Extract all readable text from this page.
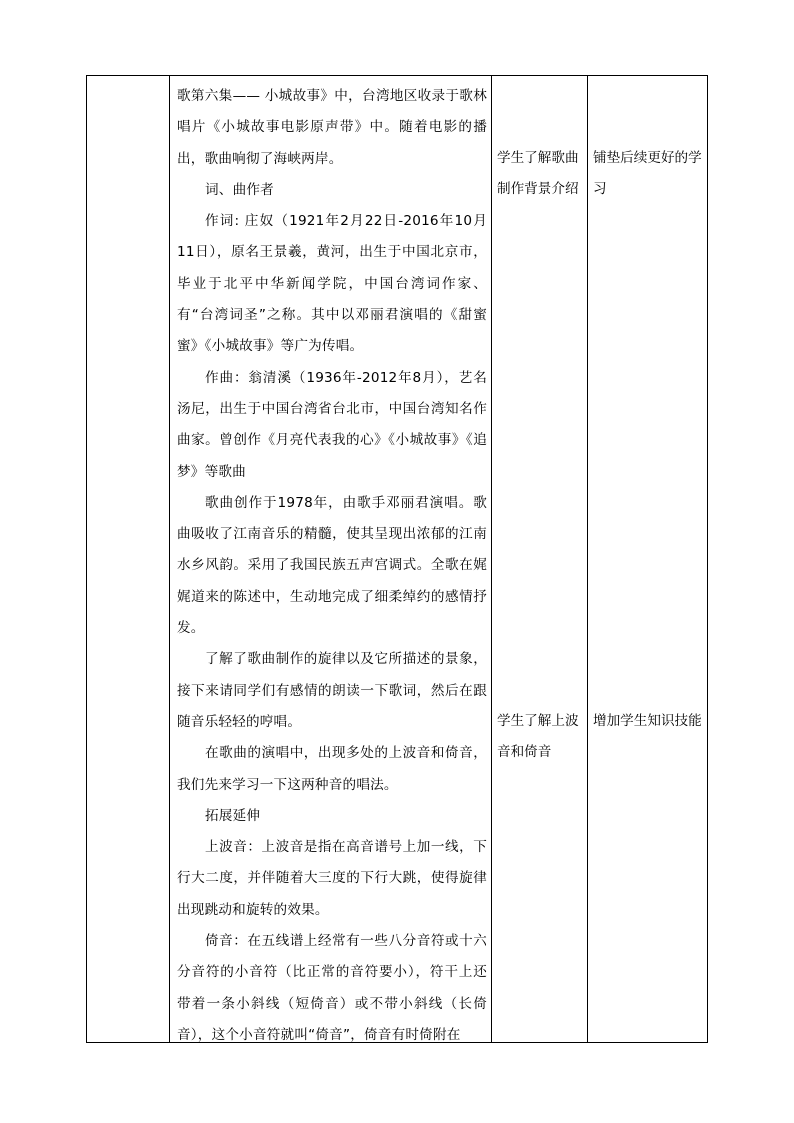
歌第六集—— 小城故事》中，台湾地区收录于歌林唱片《小城故事电影原声带》中。随着电影的播出，歌曲响彻了海峡两岸。

词、曲作者

作词: 庄奴（1921年2月22日-2016年10月11日），原名王景羲，黄河，出生于中国北京市，毕业于北平中华新闻学院，中国台湾词作家、有“台湾词圣”之称。其中以邓丽君演唱的《甜蜜蜜》《小城故事》等广为传唱。

作曲：翁清溪（1936年-2012年8月），艺名汤尼，出生于中国台湾省台北市，中国台湾知名作曲家。曾创作《月亮代表我的心》《小城故事》《追梦》等歌曲

歌曲创作于1978年，由歌手邓丽君演唱。歌曲吸收了江南音乐的精髓，使其呈现出浓郁的江南水乡风韵。采用了我国民族五声宫调式。全歌在娓娓道来的陈述中，生动地完成了细柔绰约的感情抒发。

了解了歌曲制作的旋律以及它所描述的景象，接下来请同学们有感情的朗读一下歌词，然后在跟随音乐轻轻的哼唱。

在歌曲的演唱中，出现多处的上波音和倚音，我们先来学习一下这两种音的唱法。

拓展延伸

上波音：上波音是指在高音谱号上加一线，下行大二度，并伴随着大三度的下行大跳，使得旋律出现跳动和旋转的效果。

倚音：在五线谱上经常有一些八分音符或十六分音符的小音符（比正常的音符要小），符干上还带着一条小斜线（短倚音）或不带小斜线（长倚音），这个小音符就叫“倚音”，倚音有时倚附在

学生了解歌曲制作背景介绍
铺垫后续更好的学习
学生了解上波音和倚音
增加学生知识技能
